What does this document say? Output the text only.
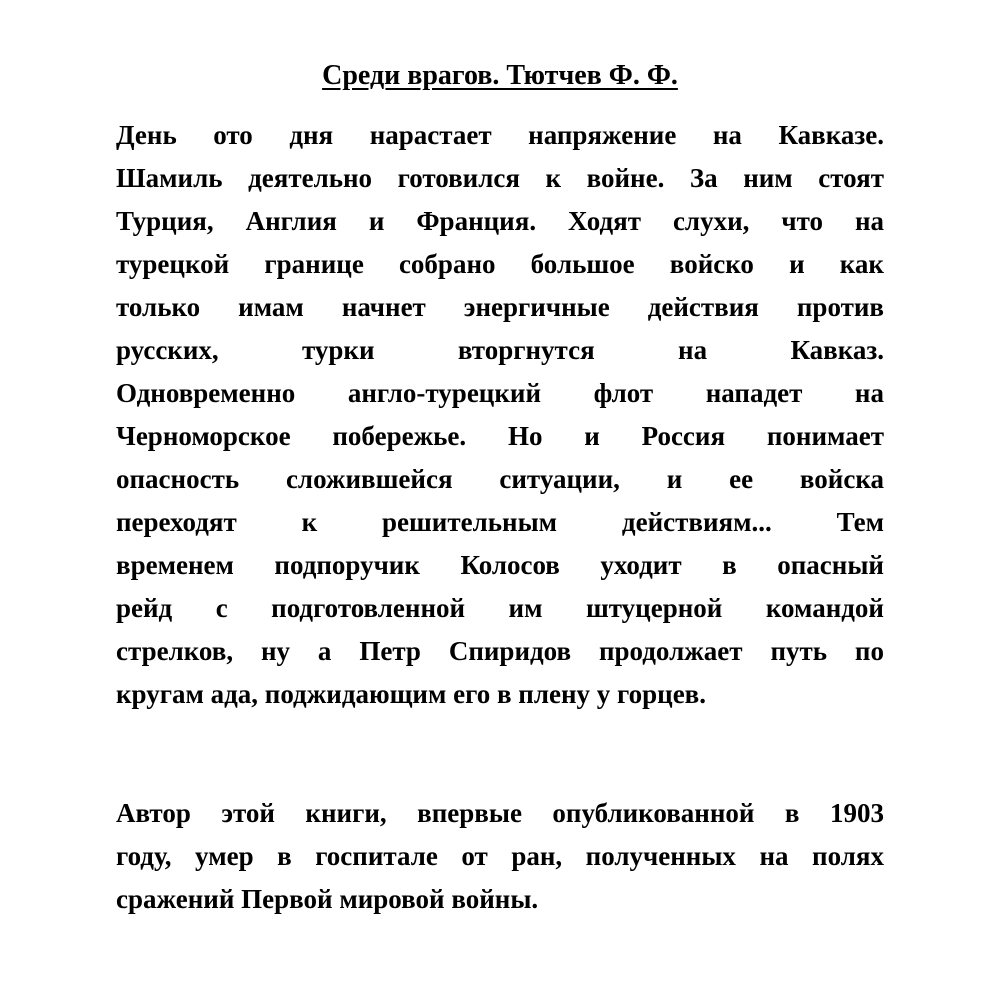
Среди врагов. Тютчев Ф. Ф.
День ото дня нарастает напряжение на Кавказе.
Шамиль деятельно готовился к войне. За ним стоят
Турция, Англия и Франция. Ходят слухи, что на
турецкой границе собрано большое войско и как
только имам начнет энергичные действия против
русских, турки вторгнутся на Кавказ.
Одновременно англо-турецкий флот нападет на
Черноморское побережье. Но и Россия понимает
опасность сложившейся ситуации, и ее войска
переходят к решительным действиям... Тем
временем подпоручик Колосов уходит в опасный
рейд с подготовленной им штуцерной командой
стрелков, ну а Петр Спиридов продолжает путь по
кругам ада, поджидающим его в плену у горцев.
Автор этой книги, впервые опубликованной в 1903
году, умер в госпитале от ран, полученных на полях
сражений Первой мировой войны.
